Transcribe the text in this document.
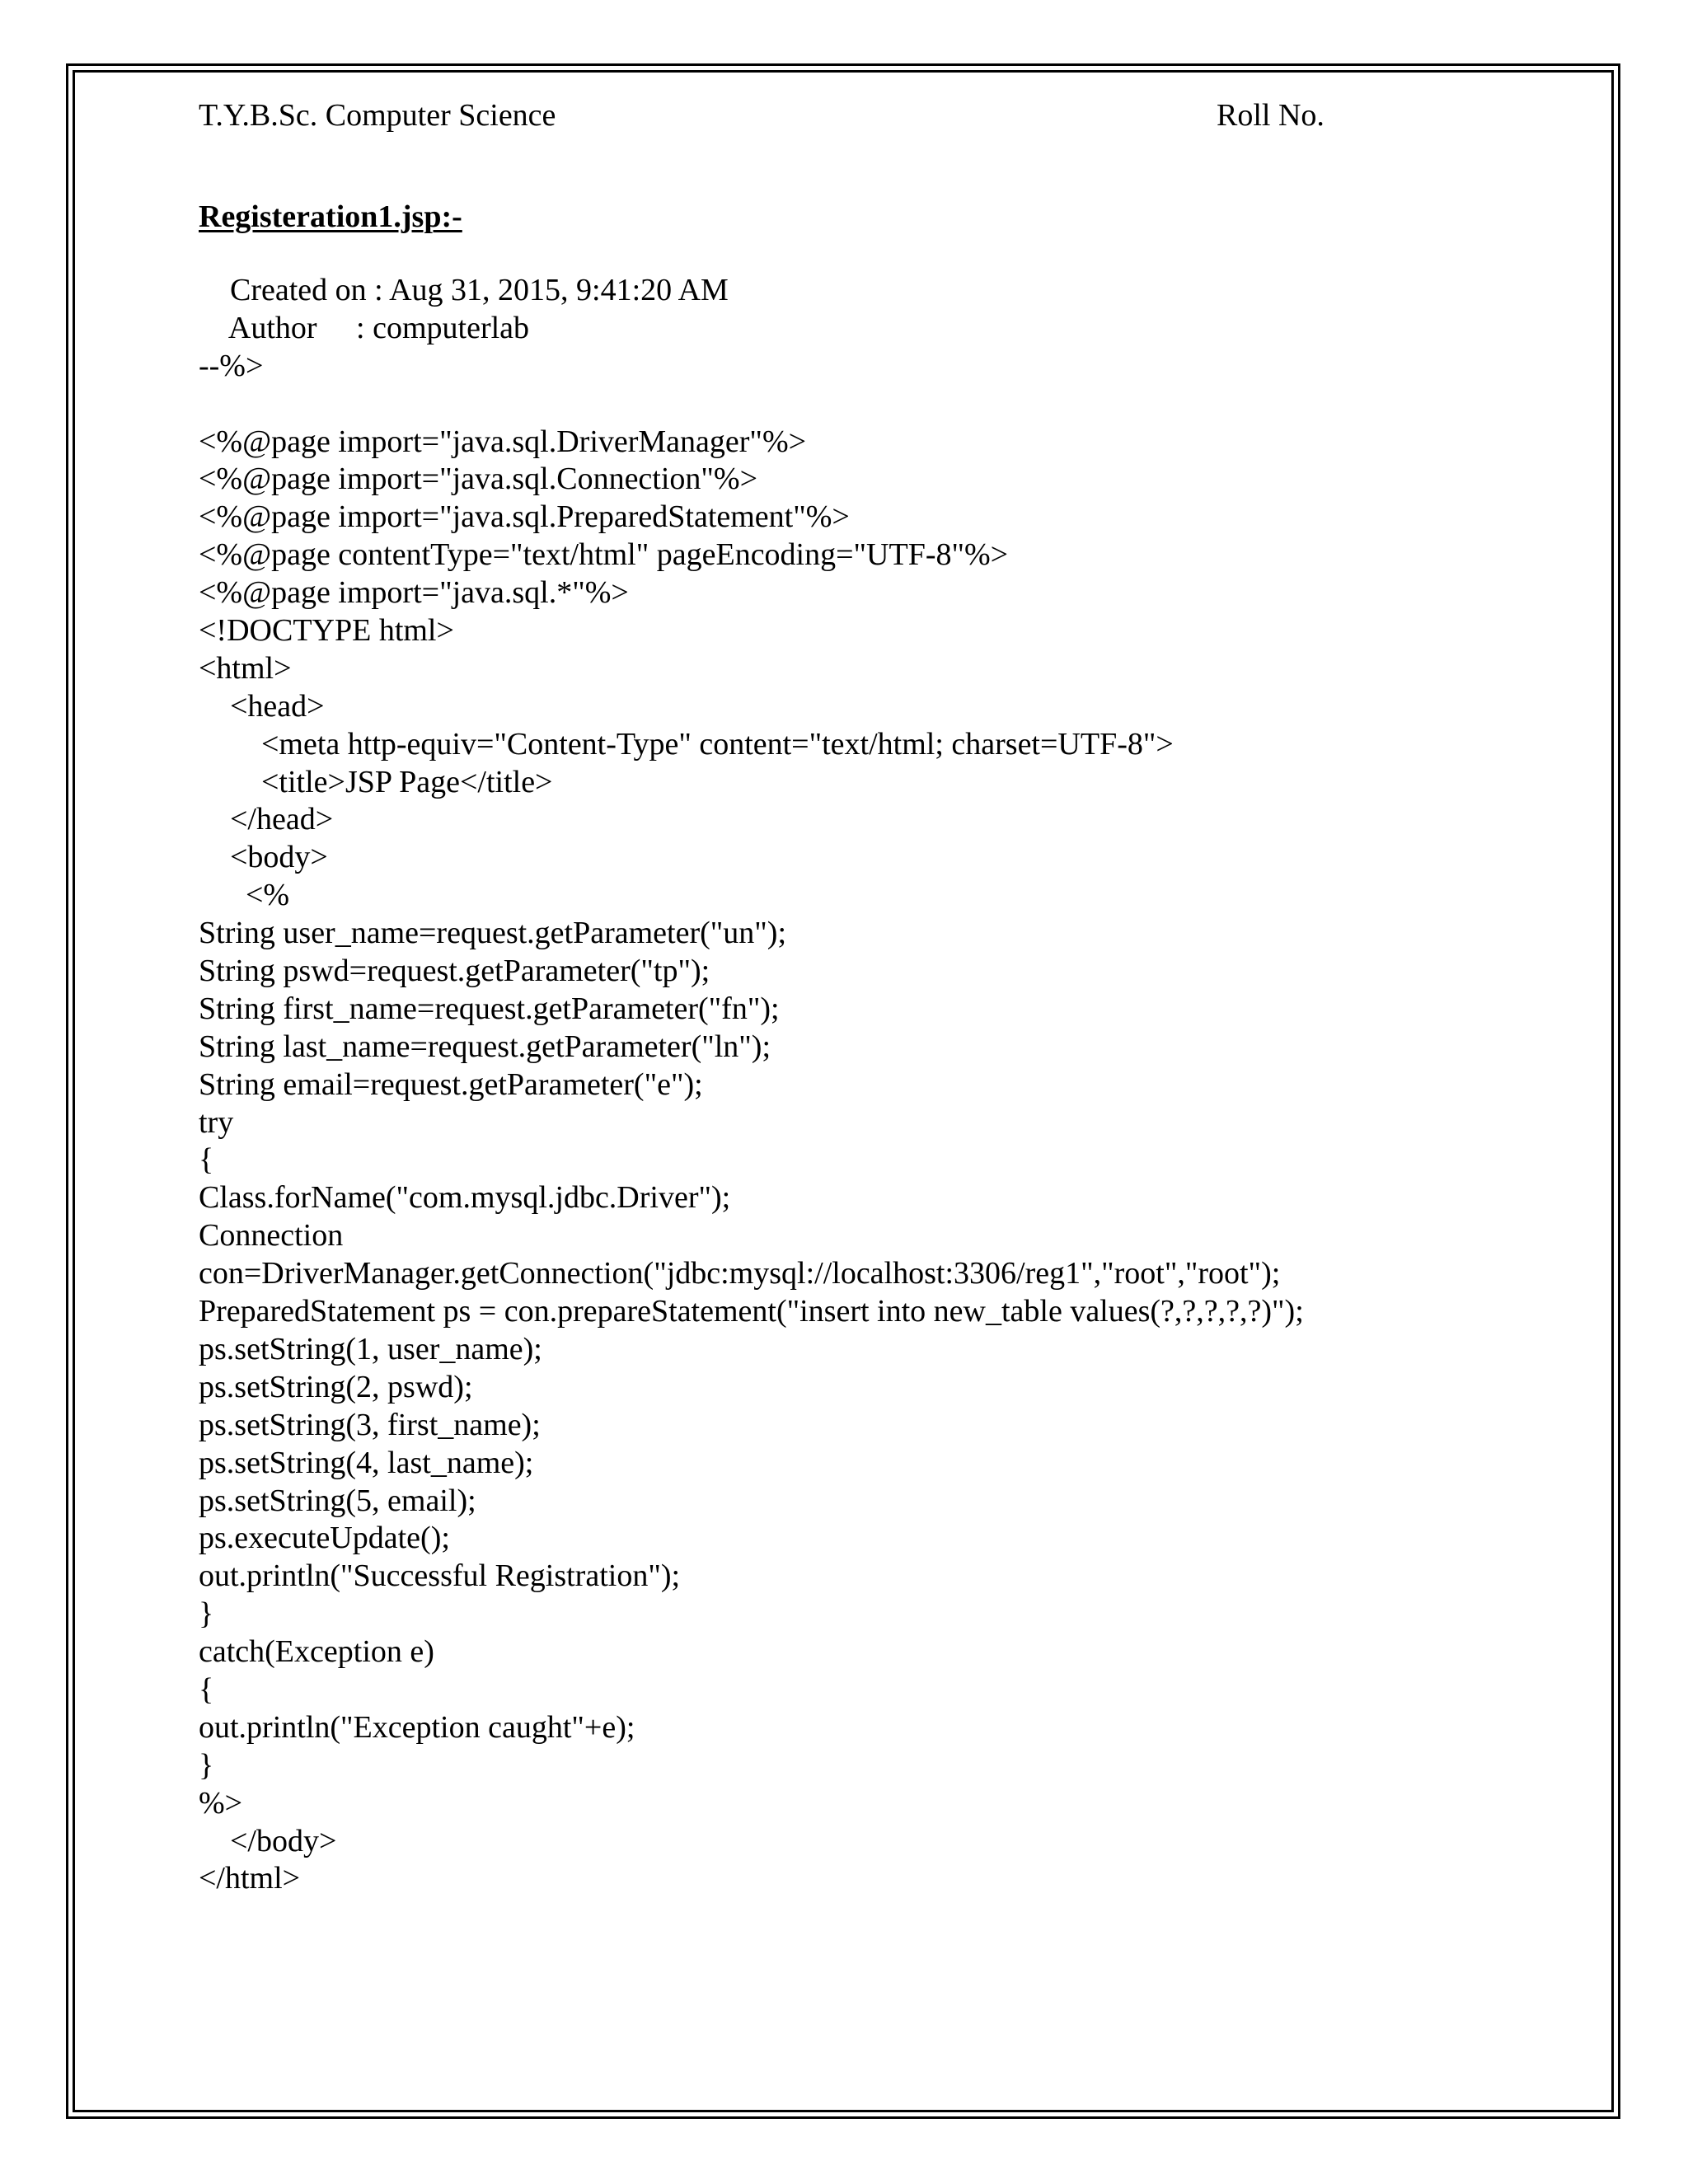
T.Y.B.Sc. Computer Science	Roll No.
Registeration1.jsp:-
Created on : Aug 31, 2015, 9:41:20 AM
Author     : computerlab
--%>
<%@page import="java.sql.DriverManager"%>
<%@page import="java.sql.Connection"%>
<%@page import="java.sql.PreparedStatement"%>
<%@page contentType="text/html" pageEncoding="UTF-8"%>
<%@page import="java.sql.*"%>
<!DOCTYPE html>
<html>
<head>
<meta http-equiv="Content-Type" content="text/html; charset=UTF-8">
<title>JSP Page</title>
</head>
<body>
<%
String user_name=request.getParameter("un");
String pswd=request.getParameter("tp");
String first_name=request.getParameter("fn");
String last_name=request.getParameter("ln");
String email=request.getParameter("e");
try
{
Class.forName("com.mysql.jdbc.Driver");
Connection
con=DriverManager.getConnection("jdbc:mysql://localhost:3306/reg1","root","root");
PreparedStatement ps = con.prepareStatement("insert into new_table values(?,?,?,?,?)");
ps.setString(1, user_name);
ps.setString(2, pswd);
ps.setString(3, first_name);
ps.setString(4, last_name);
ps.setString(5, email);
ps.executeUpdate();
out.println("Successful Registration");
}
catch(Exception e)
{
out.println("Exception caught"+e);
}
%>
</body>
</html>
